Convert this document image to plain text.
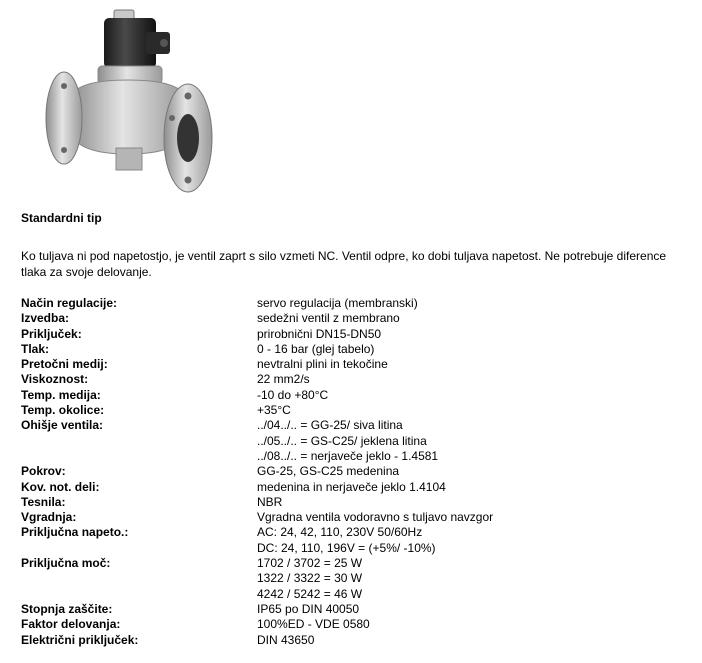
Standardni tip

Ko tuljava ni pod napetostjo, je ventil zaprt s silo vzmeti NC. Ventil odpre, ko dobi tuljava napetost. Ne potrebuje diference tlaka za svoje delovanje.

Način regulacije:	servo regulacija (membranski)
Izvedba:	sedežni ventil z membrano
Priključek:	prirobnični DN15-DN50
Tlak:	0 - 16 bar (glej tabelo)
Pretočni medij:	nevtralni plini in tekočine
Viskoznost:	22 mm2/s
Temp. medija:	-10 do +80°C
Temp. okolice:	+35°C
Ohišje ventila:	../04../.. = GG-25/ siva litina
../05../.. = GS-C25/ jeklena litina
../08../.. = nerjaveče jeklo - 1.4581
Pokrov:	GG-25, GS-C25 medenina
Kov. not. deli:	medenina in nerjaveče jeklo 1.4104
Tesnila:	NBR
Vgradnja:	Vgradna ventila vodoravno s tuljavo navzgor
Priključna napeto.:	AC: 24, 42, 110, 230V 50/60Hz
DC: 24, 110, 196V = (+5%/ -10%)
Priključna moč:	1702 / 3702 = 25 W
1322 / 3322 = 30 W
4242 / 5242 = 46 W
Stopnja zaščite:	IP65 po DIN 40050
Faktor delovanja:	100%ED - VDE 0580
Električni priključek:	DIN 43650
